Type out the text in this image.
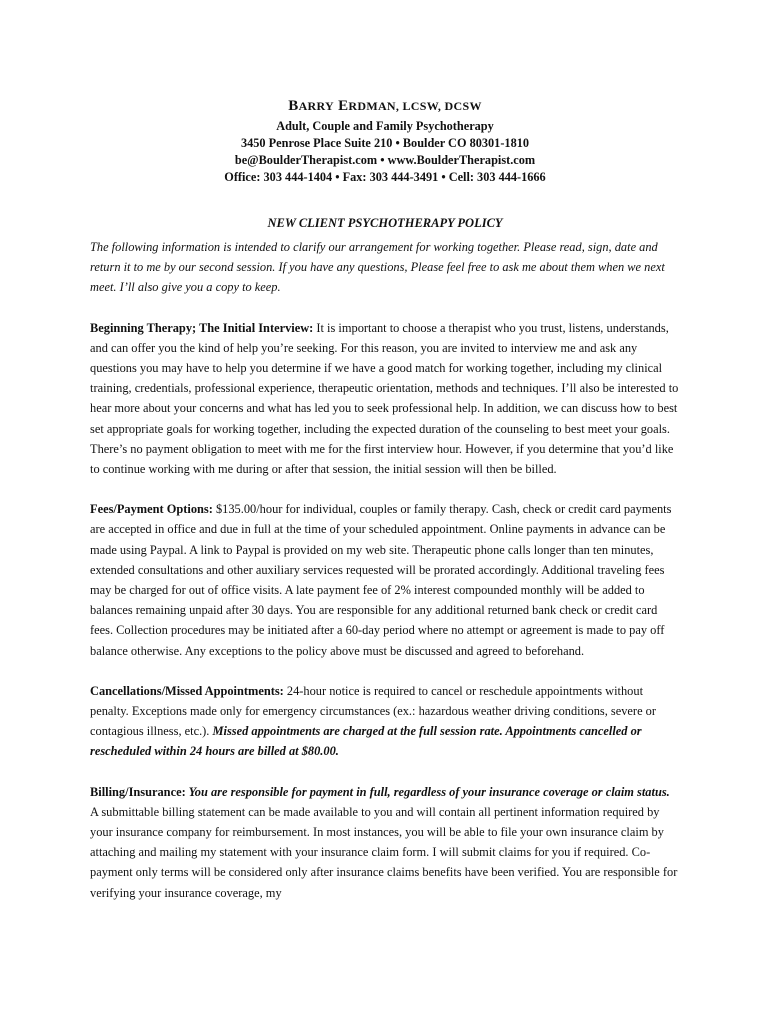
BARRY ERDMAN, LCSW, DCSW
Adult, Couple and Family Psychotherapy
3450 Penrose Place Suite 210 • Boulder CO 80301-1810
be@BoulderTherapist.com • www.BoulderTherapist.com
Office: 303 444-1404 • Fax: 303 444-3491 • Cell: 303 444-1666
NEW CLIENT PSYCHOTHERAPY POLICY

The following information is intended to clarify our arrangement for working together. Please read, sign, date and return it to me by our second session. If you have any questions, Please feel free to ask me about them when we next meet. I’ll also give you a copy to keep.

Beginning Therapy; The Initial Interview: It is important to choose a therapist who you trust, listens, understands, and can offer you the kind of help you’re seeking. For this reason, you are invited to interview me and ask any questions you may have to help you determine if we have a good match for working together, including my clinical training, credentials, professional experience, therapeutic orientation, methods and techniques. I’ll also be interested to hear more about your concerns and what has led you to seek professional help. In addition, we can discuss how to best set appropriate goals for working together, including the expected duration of the counseling to best meet your goals. There’s no payment obligation to meet with me for the first interview hour. However, if you determine that you’d like to continue working with me during or after that session, the initial session will then be billed.

Fees/Payment Options: $135.00/hour for individual, couples or family therapy. Cash, check or credit card payments are accepted in office and due in full at the time of your scheduled appointment. Online payments in advance can be made using Paypal. A link to Paypal is provided on my web site. Therapeutic phone calls longer than ten minutes, extended consultations and other auxiliary services requested will be prorated accordingly. Additional traveling fees may be charged for out of office visits. A late payment fee of 2% interest compounded monthly will be added to balances remaining unpaid after 30 days. You are responsible for any additional returned bank check or credit card fees. Collection procedures may be initiated after a 60-day period where no attempt or agreement is made to pay off balance otherwise. Any exceptions to the policy above must be discussed and agreed to beforehand.

Cancellations/Missed Appointments: 24-hour notice is required to cancel or reschedule appointments without penalty. Exceptions made only for emergency circumstances (ex.: hazardous weather driving conditions, severe or contagious illness, etc.). Missed appointments are charged at the full session rate. Appointments cancelled or rescheduled within 24 hours are billed at $80.00.

Billing/Insurance: You are responsible for payment in full, regardless of your insurance coverage or claim status. A submittable billing statement can be made available to you and will contain all pertinent information required by your insurance company for reimbursement. In most instances, you will be able to file your own insurance claim by attaching and mailing my statement with your insurance claim form. I will submit claims for you if required. Co-payment only terms will be considered only after insurance claims benefits have been verified. You are responsible for verifying your insurance coverage, my
